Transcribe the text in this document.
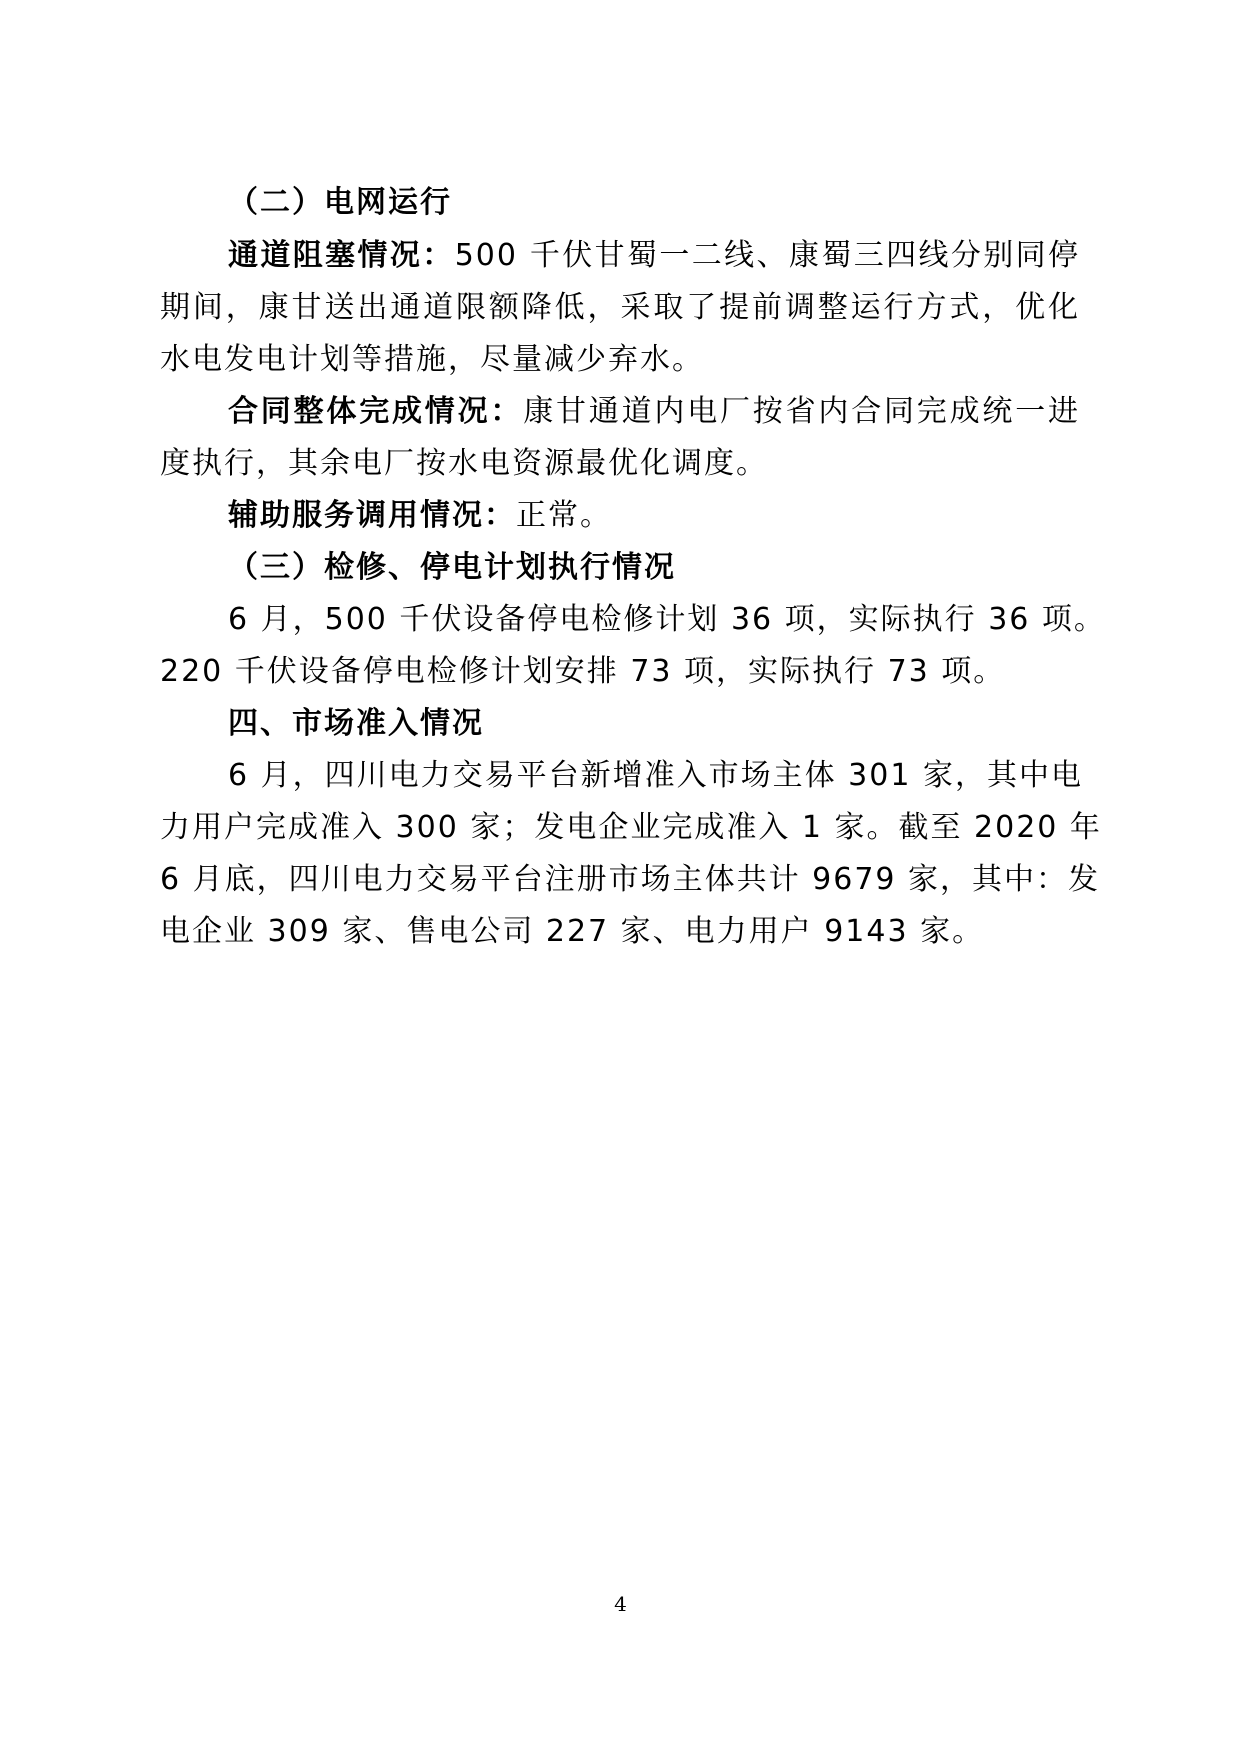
（二）电网运行
通道阻塞情况：500 千伏甘蜀一二线、康蜀三四线分别同停
期间，康甘送出通道限额降低，采取了提前调整运行方式，优化
水电发电计划等措施，尽量减少弃水。
合同整体完成情况：康甘通道内电厂按省内合同完成统一进
度执行，其余电厂按水电资源最优化调度。
辅助服务调用情况：正常。
（三）检修、停电计划执行情况
6 月，500 千伏设备停电检修计划 36 项，实际执行 36 项。
220 千伏设备停电检修计划安排 73 项，实际执行 73 项。
四、市场准入情况
6 月，四川电力交易平台新增准入市场主体 301 家，其中电
力用户完成准入 300 家；发电企业完成准入 1 家。截至 2020 年
6 月底，四川电力交易平台注册市场主体共计 9679 家，其中：发
电企业 309 家、售电公司 227 家、电力用户 9143 家。
4
